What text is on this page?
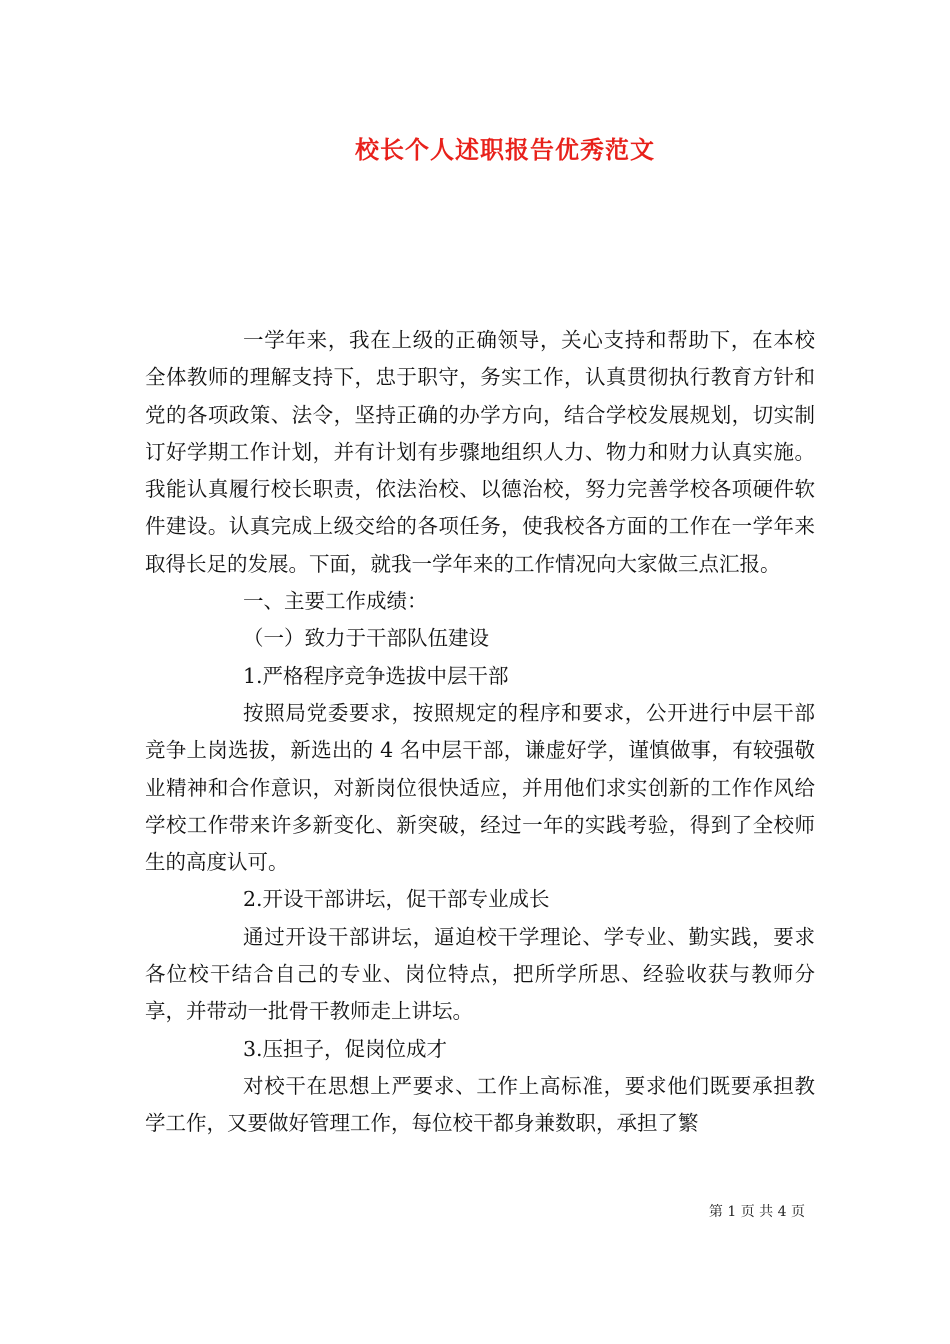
校长个人述职报告优秀范文

一学年来，我在上级的正确领导，关心支持和帮助下，在本校全体教师的理解支持下，忠于职守，务实工作，认真贯彻执行教育方针和党的各项政策、法令，坚持正确的办学方向，结合学校发展规划，切实制订好学期工作计划，并有计划有步骤地组织人力、物力和财力认真实施。我能认真履行校长职责，依法治校、以德治校，努力完善学校各项硬件软件建设。认真完成上级交给的各项任务，使我校各方面的工作在一学年来取得长足的发展。下面，就我一学年来的工作情况向大家做三点汇报。

一、主要工作成绩：

（一）致力于干部队伍建设

1.严格程序竞争选拔中层干部

按照局党委要求，按照规定的程序和要求，公开进行中层干部竞争上岗选拔，新选出的 4 名中层干部，谦虚好学，谨慎做事，有较强敬业精神和合作意识，对新岗位很快适应，并用他们求实创新的工作作风给学校工作带来许多新变化、新突破，经过一年的实践考验，得到了全校师生的高度认可。

2.开设干部讲坛，促干部专业成长

通过开设干部讲坛，逼迫校干学理论、学专业、勤实践，要求各位校干结合自己的专业、岗位特点，把所学所思、经验收获与教师分享，并带动一批骨干教师走上讲坛。

3.压担子，促岗位成才

对校干在思想上严要求、工作上高标准，要求他们既要承担教学工作，又要做好管理工作，每位校干都身兼数职，承担了繁

第 1 页 共 4 页
